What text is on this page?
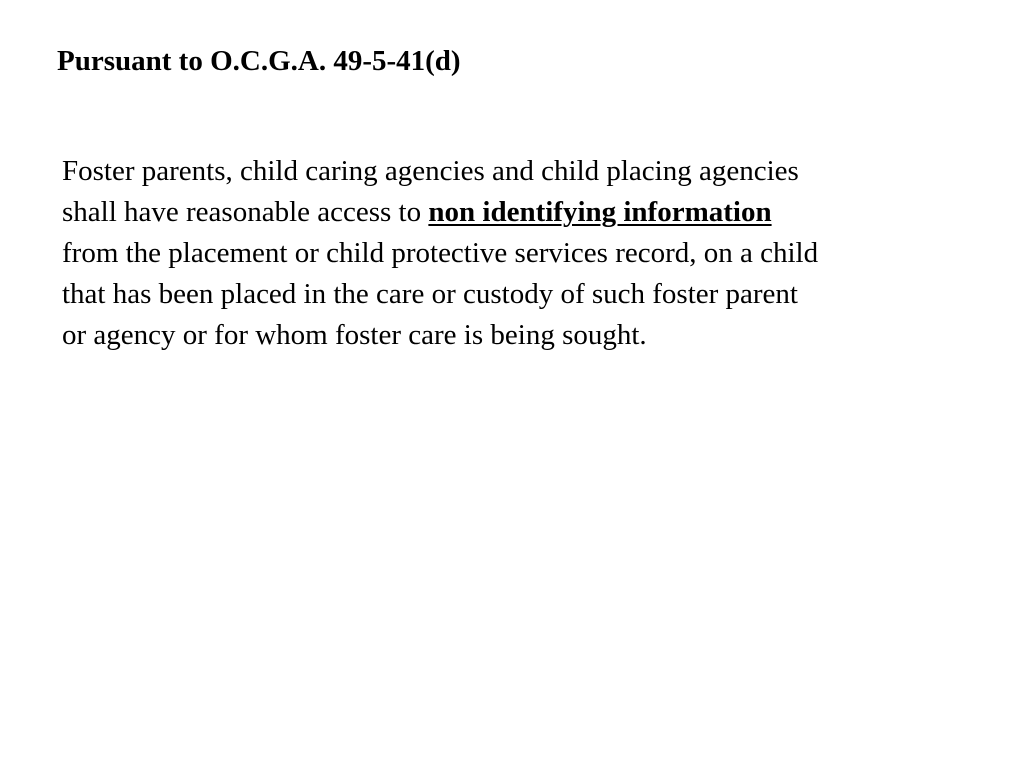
Pursuant to O.C.G.A. 49-5-41(d)

Foster parents, child caring agencies and child placing agencies
shall have reasonable access to non identifying information
from the placement or child protective services record, on a child
that has been placed in the care or custody of such foster parent
or agency or for whom foster care is being sought.
